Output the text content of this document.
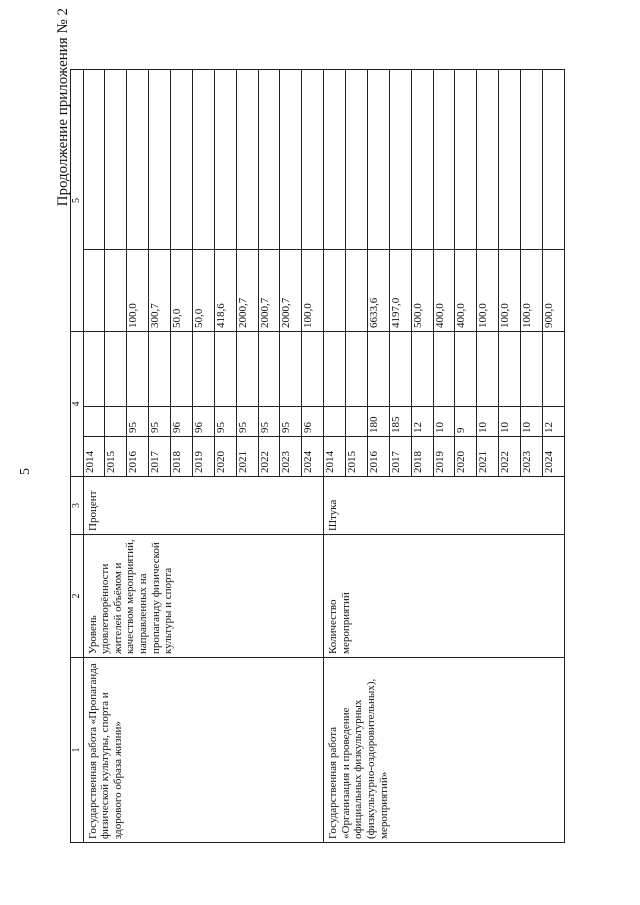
5
Продолжение приложения № 2
1	2	3	4			5	
Государственная работа «Пропаганда физической культуры, спорта и здорового образа жизни»	Уровень удовлетворённости жителей объёмом и качеством мероприятий, направленных на пропаганду физической культуры и спорта	Процент	2014				
			2015				
			2016	95		100,0	
			2017	95		300,7	
			2018	96		50,0	
			2019	96		50,0	
			2020	95		418,6	
			2021	95		2000,7	
			2022	95		2000,7	
			2023	95		2000,7	
			2024	96		100,0	
Государственная работа «Организация и проведение официальных физкультурных (физкультурно-оздоровительных), мероприятий»	Количество мероприятий	Штука	2014				
			2015				
			2016	180		6633,6	
			2017	185		4197,0	
			2018	12		500,0	
			2019	10		400,0	
			2020	9		400,0	
			2021	10		100,0	
			2022	10		100,0	
			2023	10		100,0	
			2024	12		900,0	
